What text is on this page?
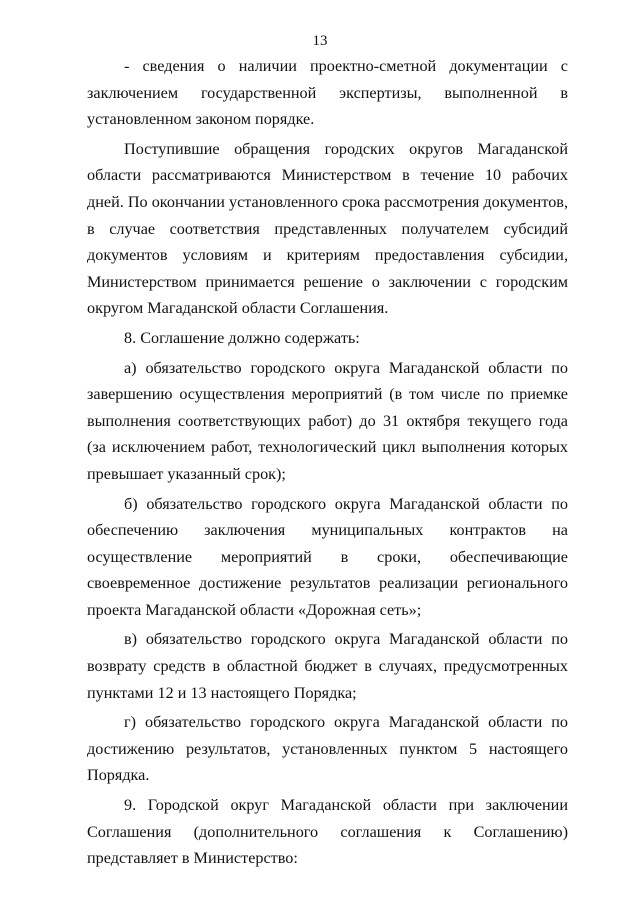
13

- сведения о наличии проектно-сметной документации с заключением государственной экспертизы, выполненной в установленном законом порядке.

Поступившие обращения городских округов Магаданской области рассматриваются Министерством в течение 10 рабочих дней. По окончании установленного срока рассмотрения документов, в случае соответствия представленных получателем субсидий документов условиям и критериям предоставления субсидии, Министерством принимается решение о заключении с городским округом Магаданской области Соглашения.

8. Соглашение должно содержать:

а) обязательство городского округа Магаданской области по завершению осуществления мероприятий (в том числе по приемке выполнения соответствующих работ) до 31 октября текущего года (за исключением работ, технологический цикл выполнения которых превышает указанный срок);

б) обязательство городского округа Магаданской области по обеспечению заключения муниципальных контрактов на осуществление мероприятий в сроки, обеспечивающие своевременное достижение результатов реализации регионального проекта Магаданской области «Дорожная сеть»;

в) обязательство городского округа Магаданской области по возврату средств в областной бюджет в случаях, предусмотренных пунктами 12 и 13 настоящего Порядка;

г) обязательство городского округа Магаданской области по достижению результатов, установленных пунктом 5 настоящего Порядка.

9. Городской округ Магаданской области при заключении Соглашения (дополнительного соглашения к Соглашению) представляет в Министерство:
